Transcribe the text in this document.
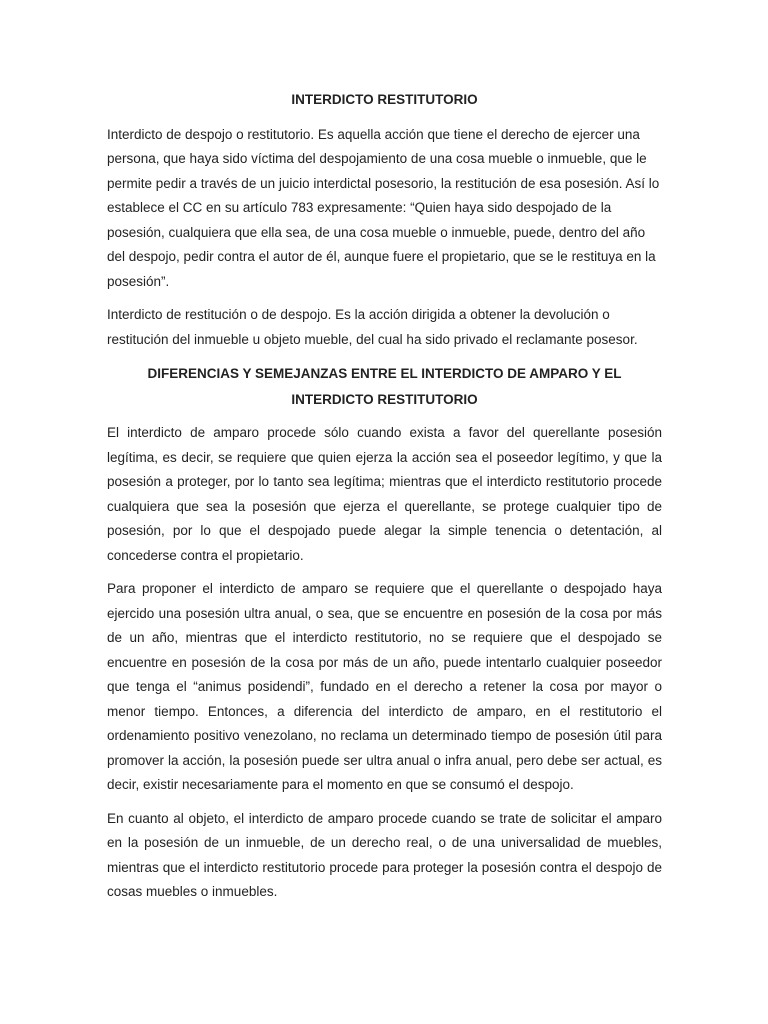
INTERDICTO RESTITUTORIO

Interdicto de despojo o restitutorio. Es aquella acción que tiene el derecho de ejercer una persona, que haya sido víctima del despojamiento de una cosa mueble o inmueble, que le permite pedir a través de un juicio interdictal posesorio, la restitución de esa posesión. Así lo establece el CC en su artículo 783 expresamente: “Quien haya sido despojado de la posesión, cualquiera que ella sea, de una cosa mueble o inmueble, puede, dentro del año del despojo, pedir contra el autor de él, aunque fuere el propietario, que se le restituya en la posesión”.

Interdicto de restitución o de despojo. Es la acción dirigida a obtener la devolución o restitución del inmueble u objeto mueble, del cual ha sido privado el reclamante posesor.

DIFERENCIAS Y SEMEJANZAS ENTRE EL INTERDICTO DE AMPARO Y EL INTERDICTO RESTITUTORIO

El interdicto de amparo procede sólo cuando exista a favor del querellante posesión legítima, es decir, se requiere que quien ejerza la acción sea el poseedor legítimo, y que la posesión a proteger, por lo tanto sea legítima; mientras que el interdicto restitutorio procede cualquiera que sea la posesión que ejerza el querellante, se protege cualquier tipo de posesión, por lo que el despojado puede alegar la simple tenencia o detentación, al concederse contra el propietario.

Para proponer el interdicto de amparo se requiere que el querellante o despojado haya ejercido una posesión ultra anual, o sea, que se encuentre en posesión de la cosa por más de un año, mientras que el interdicto restitutorio, no se requiere que el despojado se encuentre en posesión de la cosa por más de un año, puede intentarlo cualquier poseedor que tenga el “animus posidendi”, fundado en el derecho a retener la cosa por mayor o menor tiempo. Entonces, a diferencia del interdicto de amparo, en el restitutorio el ordenamiento positivo venezolano, no reclama un determinado tiempo de posesión útil para promover la acción, la posesión puede ser ultra anual o infra anual, pero debe ser actual, es decir, existir necesariamente para el momento en que se consumó el despojo.

En cuanto al objeto, el interdicto de amparo procede cuando se trate de solicitar el amparo en la posesión de un inmueble, de un derecho real, o de una universalidad de muebles, mientras que el interdicto restitutorio procede para proteger la posesión contra el despojo de cosas muebles o inmuebles.
